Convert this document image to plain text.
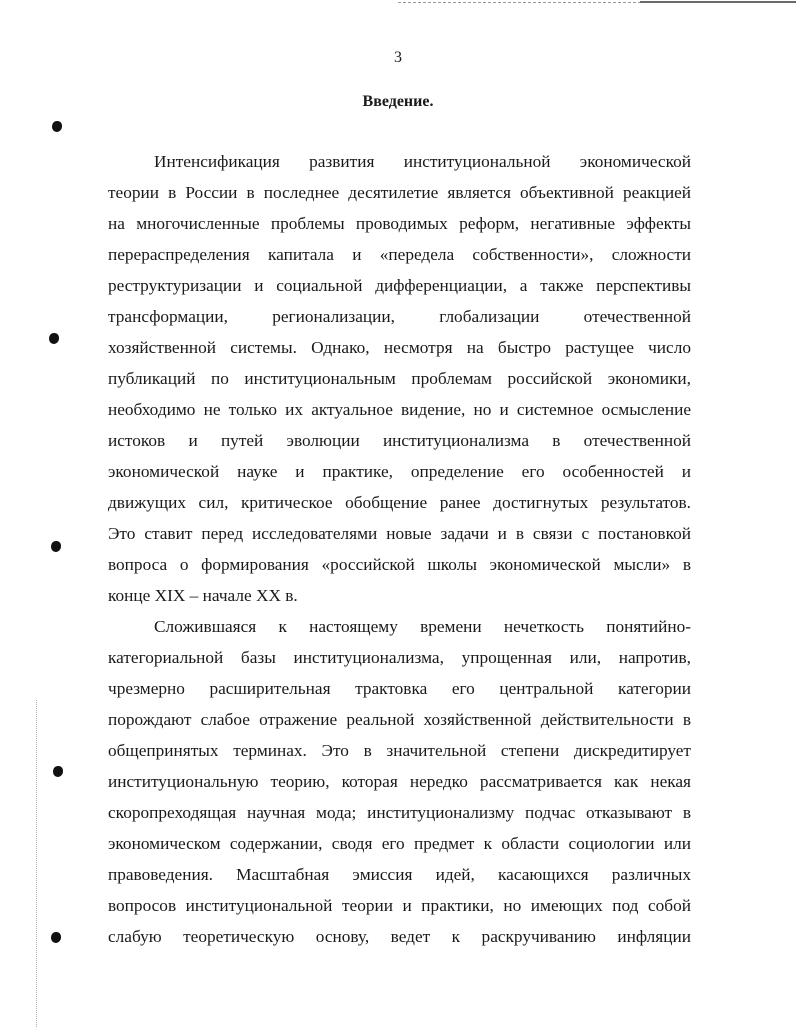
3
Введение.
Интенсификация развития институциональной экономической
теории в России в последнее десятилетие является объективной реакцией
на многочисленные проблемы проводимых реформ, негативные эффекты
перераспределения капитала и «передела собственности», сложности
реструктуризации и социальной дифференциации, а также перспективы
трансформации, регионализации, глобализации отечественной
хозяйственной системы. Однако, несмотря на быстро растущее число
публикаций по институциональным проблемам российской экономики,
необходимо не только их актуальное видение, но и системное осмысление
истоков и путей эволюции институционализма в отечественной
экономической науке и практике, определение его особенностей и
движущих сил, критическое обобщение ранее достигнутых результатов.
Это ставит перед исследователями новые задачи и в связи с постановкой
вопроса о формирования «российской школы экономической мысли» в
конце XIX – начале XX в.
Сложившаяся к настоящему времени нечеткость понятийно-
категориальной базы институционализма, упрощенная или, напротив,
чрезмерно расширительная трактовка его центральной категории
порождают слабое отражение реальной хозяйственной действительности в
общепринятых терминах. Это в значительной степени дискредитирует
институциональную теорию, которая нередко рассматривается как некая
скоропреходящая научная мода; институционализму подчас отказывают в
экономическом содержании, сводя его предмет к области социологии или
правоведения. Масштабная эмиссия идей, касающихся различных
вопросов институциональной теории и практики, но имеющих под собой
слабую теоретическую основу, ведет к раскручиванию инфляции
